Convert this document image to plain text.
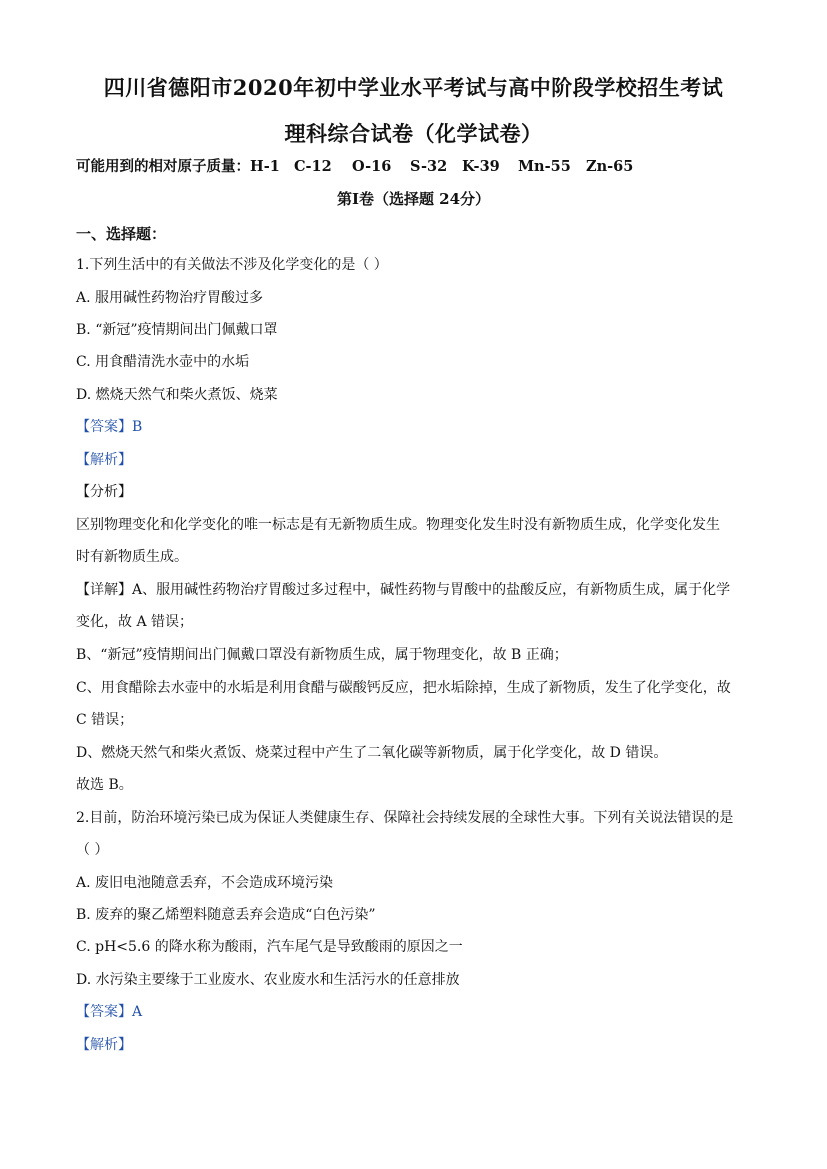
四川省德阳市2020年初中学业水平考试与高中阶段学校招生考试
理科综合试卷（化学试卷）
可能用到的相对原子质量：H-1 C-12 O-16 S-32 K-39 Mn-55 Zn-65
第Ⅰ卷（选择题 24分）
一、选择题：
1.下列生活中的有关做法不涉及化学变化的是（ ）
A. 服用碱性药物治疗胃酸过多
B. “新冠”疫情期间出门佩戴口罩
C. 用食醋清洗水壶中的水垢
D. 燃烧天然气和柴火煮饭、烧菜
【答案】B
【解析】
【分析】
区别物理变化和化学变化的唯一标志是有无新物质生成。物理变化发生时没有新物质生成，化学变化发生
时有新物质生成。
【详解】A、服用碱性药物治疗胃酸过多过程中，碱性药物与胃酸中的盐酸反应，有新物质生成，属于化学
变化，故 A 错误；
B、“新冠”疫情期间出门佩戴口罩没有新物质生成，属于物理变化，故 B 正确；
C、用食醋除去水壶中的水垢是利用食醋与碳酸钙反应，把水垢除掉，生成了新物质，发生了化学变化，故
C 错误；
D、燃烧天然气和柴火煮饭、烧菜过程中产生了二氧化碳等新物质，属于化学变化，故 D 错误。
故选 B。
2.目前，防治环境污染已成为保证人类健康生存、保障社会持续发展的全球性大事。下列有关说法错误的是
（ ）
A. 废旧电池随意丢弃，不会造成环境污染
B. 废弃的聚乙烯塑料随意丢弃会造成“白色污染”
C. pH<5.6 的降水称为酸雨，汽车尾气是导致酸雨的原因之一
D. 水污染主要缘于工业废水、农业废水和生活污水的任意排放
【答案】A
【解析】
